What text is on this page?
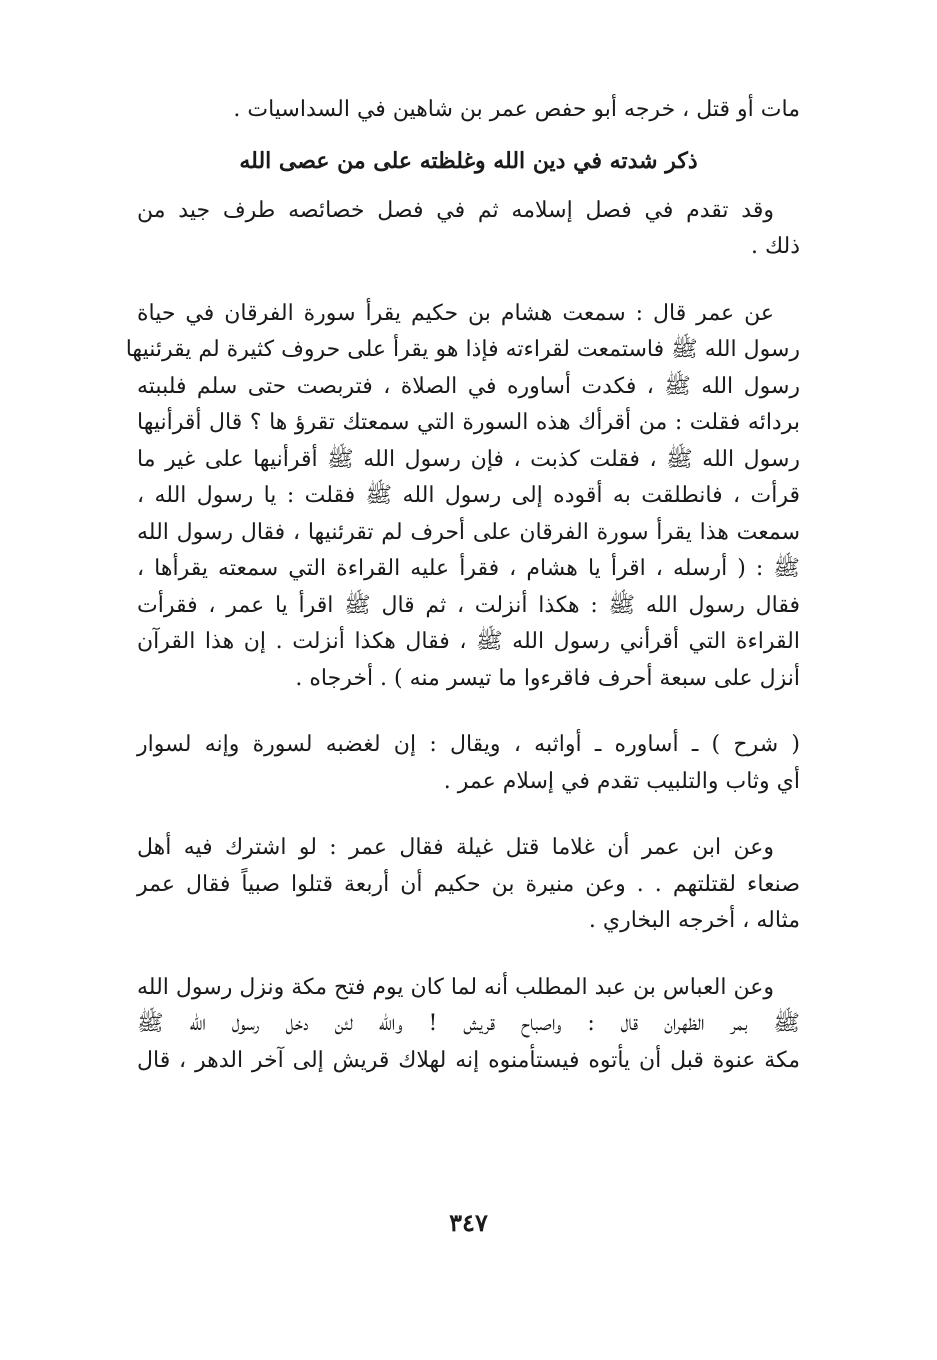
مات أو قتل ، خرجه أبو حفص عمر بن شاهين في السداسيات .
ذكر شدته في دين الله وغلظته على من عصى الله
وقد تقدم في فصل إسلامه ثم في فصل خصائصه طرف جيد من
ذلك .
عن عمر قال : سمعت هشام بن حكيم يقرأ سورة الفرقان في حياة
رسول الله ﷺ فاستمعت لقراءته فإذا هو يقرأ على حروف كثيرة لم يقرئنيها
رسول الله ﷺ ، فكدت أساوره في الصلاة ، فتربصت حتى سلم فلببته
بردائه فقلت : من أقرأك هذه السورة التي سمعتك تقرؤ ها ؟ قال أقرأنيها
رسول الله ﷺ ، فقلت كذبت ، فإن رسول الله ﷺ أقرأنيها على غير ما
قرأت ، فانطلقت به أقوده إلى رسول الله ﷺ فقلت : يا رسول الله ،
سمعت هذا يقرأ سورة الفرقان على أحرف لم تقرئنيها ، فقال رسول الله
ﷺ : ( أرسله ، اقرأ يا هشام ، فقرأ عليه القراءة التي سمعته يقرأها ،
فقال رسول الله ﷺ : هكذا أنزلت ، ثم قال ﷺ اقرأ يا عمر ، فقرأت
القراءة التي أقرأني رسول الله ﷺ ، فقال هكذا أنزلت . إن هذا القرآن
أنزل على سبعة أحرف فاقرءوا ما تيسر منه ) . أخرجاه .
( شرح ) ـ أساوره ـ أواثبه ، ويقال : إن لغضبه لسورة وإنه لسوار
أي وثاب والتلبيب تقدم في إسلام عمر .
وعن ابن عمر أن غلاما قتل غيلة فقال عمر : لو اشترك فيه أهل
صنعاء لقتلتهم . . وعن منيرة بن حكيم أن أربعة قتلوا صبياً فقال عمر
مثاله ، أخرجه البخاري .
وعن العباس بن عبد المطلب أنه لما كان يوم فتح مكة ونزل رسول الله
ﷺ بمر الظهران قال : واصباح قريش ! والله لئن دخل رسول الله ﷺ
مكة عنوة قبل أن يأتوه فيستأمنوه إنه لهلاك قريش إلى آخر الدهر ، قال
٣٤٧
